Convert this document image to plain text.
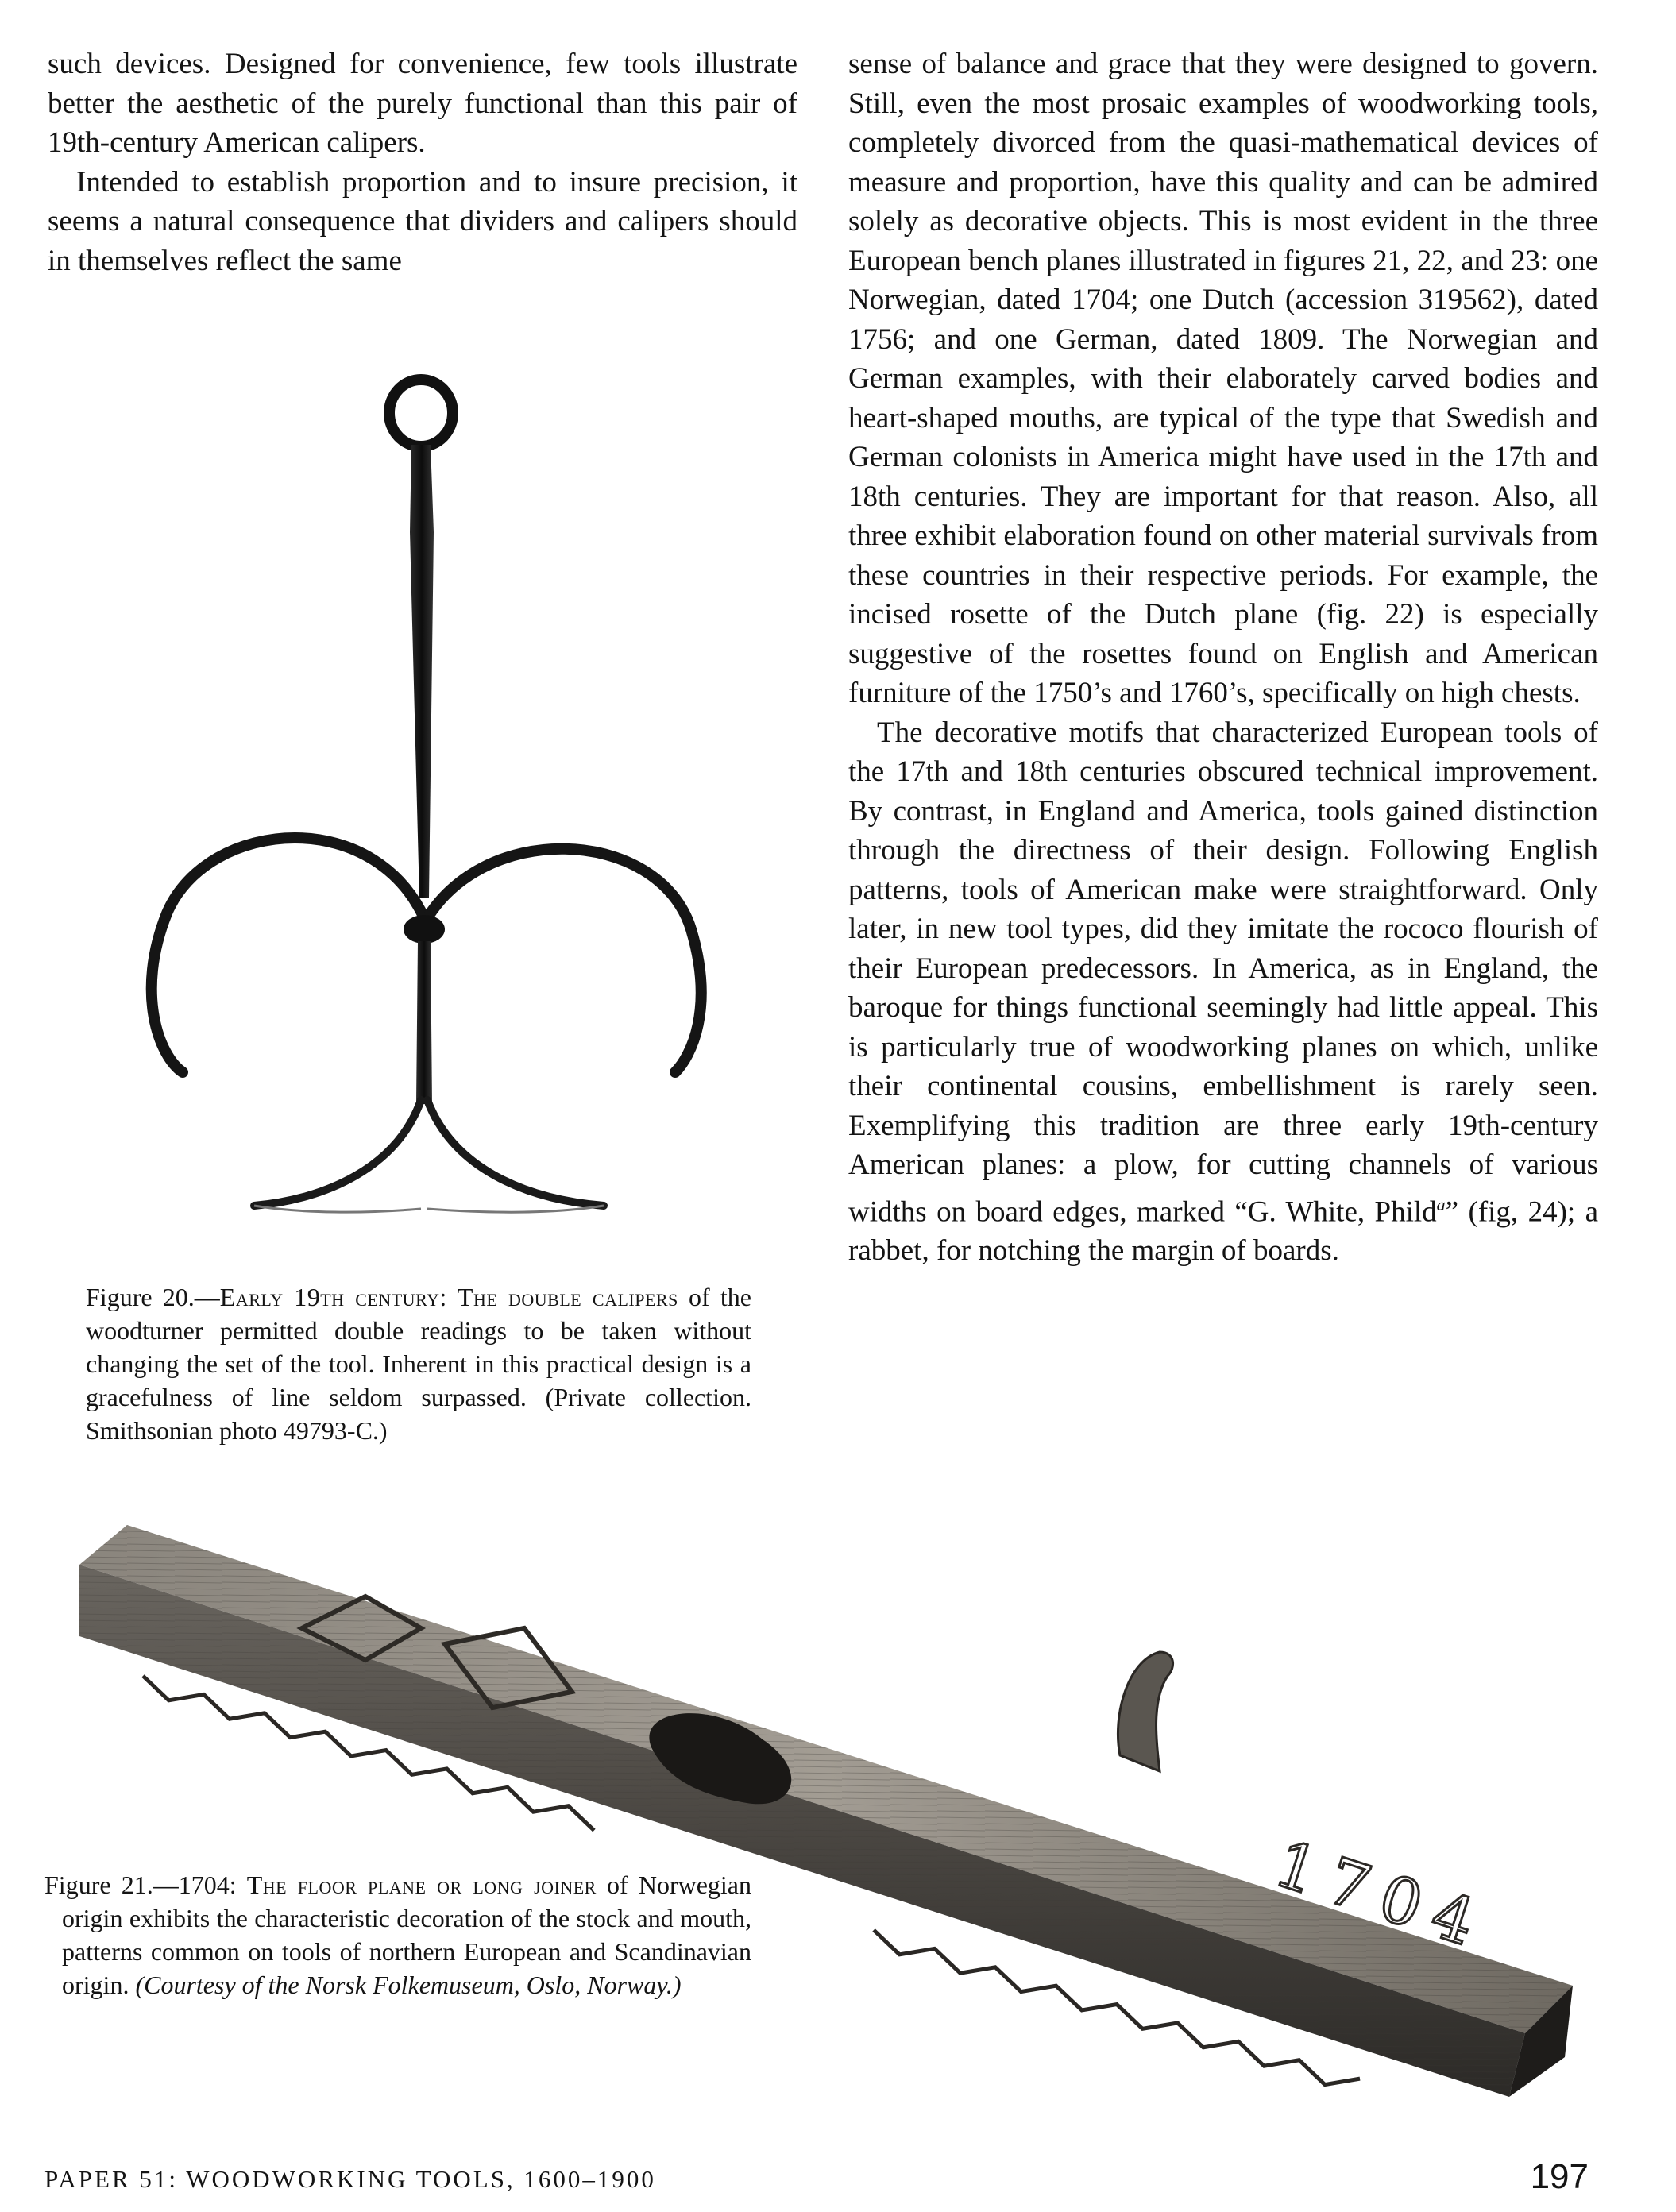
such devices. Designed for convenience, few tools illustrate better the aesthetic of the purely functional than this pair of 19th-century American calipers.

Intended to establish proportion and to insure precision, it seems a natural consequence that dividers and calipers should in themselves reflect the same

sense of balance and grace that they were designed to govern. Still, even the most prosaic examples of woodworking tools, completely divorced from the quasi-mathematical devices of measure and proportion, have this quality and can be admired solely as decorative objects. This is most evident in the three European bench planes illustrated in figures 21, 22, and 23: one Norwegian, dated 1704; one Dutch (accession 319562), dated 1756; and one German, dated 1809. The Norwegian and German examples, with their elaborately carved bodies and heart-shaped mouths, are typical of the type that Swedish and German colonists in America might have used in the 17th and 18th centuries. They are important for that reason. Also, all three exhibit elaboration found on other material survivals from these countries in their respective periods. For example, the incised rosette of the Dutch plane (fig. 22) is especially suggestive of the rosettes found on English and American furniture of the 1750’s and 1760’s, specifically on high chests.

The decorative motifs that characterized European tools of the 17th and 18th centuries obscured technical improvement. By contrast, in England and America, tools gained distinction through the directness of their design. Following English patterns, tools of American make were straightforward. Only later, in new tool types, did they imitate the rococo flourish of their European predecessors. In America, as in England, the baroque for things functional seemingly had little appeal. This is particularly true of woodworking planes on which, unlike their continental cousins, embellishment is rarely seen. Exemplifying this tradition are three early 19th-century American planes: a plow, for cutting channels of various widths on board edges, marked “G. White, Phild$^a$” (fig, 24); a rabbet, for notching the margin of boards.

Figure 20.—Early 19th century: The double calipers of the woodturner permitted double readings to be taken without changing the set of the tool. Inherent in this practical design is a gracefulness of line seldom surpassed. (Private collection. Smithsonian photo 49793-C.)
1704
Figure 21.—1704: The floor plane or long joiner of Norwegian origin exhibits the characteristic decoration of the stock and mouth, patterns common on tools of northern European and Scandinavian origin. (Courtesy of the Norsk Folkemuseum, Oslo, Norway.)
PAPER 51: WOODWORKING TOOLS, 1600–1900	197
